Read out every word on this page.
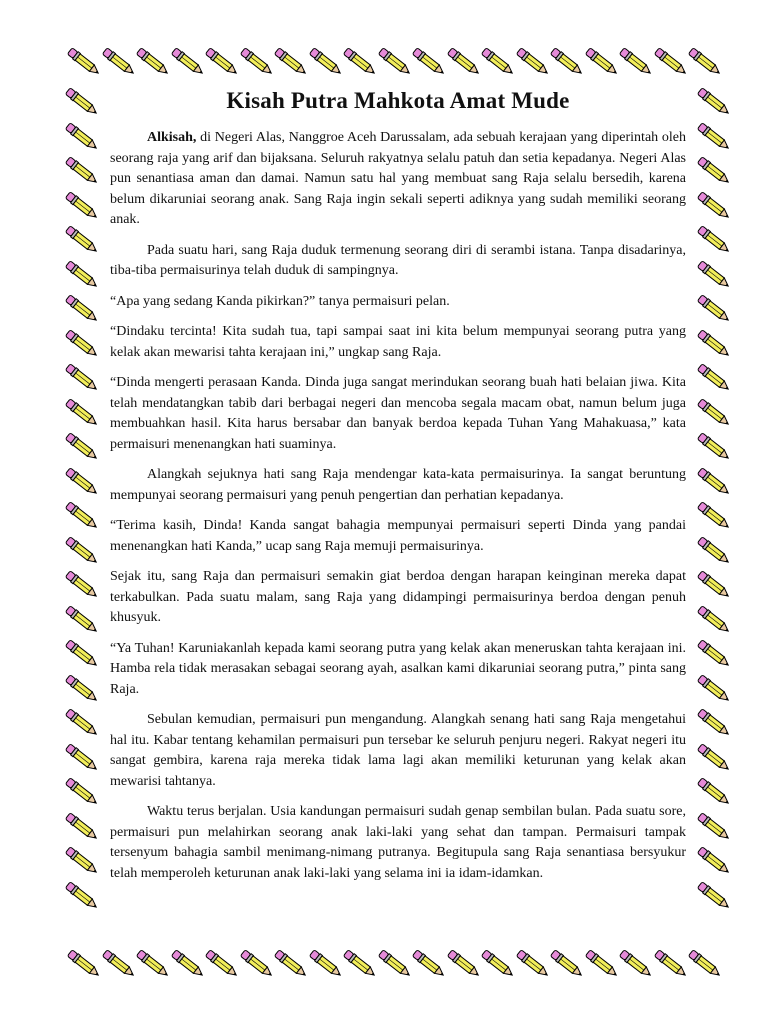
Kisah Putra Mahkota Amat Mude

Alkisah, di Negeri Alas, Nanggroe Aceh Darussalam, ada sebuah kerajaan yang diperintah oleh seorang raja yang arif dan bijaksana. Seluruh rakyatnya selalu patuh dan setia kepadanya. Negeri Alas pun senantiasa aman dan damai. Namun satu hal yang membuat sang Raja selalu bersedih, karena belum dikaruniai seorang anak. Sang Raja ingin sekali seperti adiknya yang sudah memiliki seorang anak.

Pada suatu hari, sang Raja duduk termenung seorang diri di serambi istana. Tanpa disadarinya, tiba-tiba permaisurinya telah duduk di sampingnya.

“Apa yang sedang Kanda pikirkan?” tanya permaisuri pelan.

“Dindaku tercinta! Kita sudah tua, tapi sampai saat ini kita belum mempunyai seorang putra yang kelak akan mewarisi tahta kerajaan ini,” ungkap sang Raja.

“Dinda mengerti perasaan Kanda. Dinda juga sangat merindukan seorang buah hati belaian jiwa. Kita telah mendatangkan tabib dari berbagai negeri dan mencoba segala macam obat, namun belum juga membuahkan hasil. Kita harus bersabar dan banyak berdoa kepada Tuhan Yang Mahakuasa,” kata permaisuri menenangkan hati suaminya.

Alangkah sejuknya hati sang Raja mendengar kata-kata permaisurinya. Ia sangat beruntung mempunyai seorang permaisuri yang penuh pengertian dan perhatian kepadanya.

“Terima kasih, Dinda! Kanda sangat bahagia mempunyai permaisuri seperti Dinda yang pandai menenangkan hati Kanda,” ucap sang Raja memuji permaisurinya.

Sejak itu, sang Raja dan permaisuri semakin giat berdoa dengan harapan keinginan mereka dapat terkabulkan. Pada suatu malam, sang Raja yang didampingi permaisurinya berdoa dengan penuh khusyuk.

“Ya Tuhan! Karuniakanlah kepada kami seorang putra yang kelak akan meneruskan tahta kerajaan ini. Hamba rela tidak merasakan sebagai seorang ayah, asalkan kami dikaruniai seorang putra,” pinta sang Raja.

Sebulan kemudian, permaisuri pun mengandung. Alangkah senang hati sang Raja mengetahui hal itu. Kabar tentang kehamilan permaisuri pun tersebar ke seluruh penjuru negeri. Rakyat negeri itu sangat gembira, karena raja mereka tidak lama lagi akan memiliki keturunan yang kelak akan mewarisi tahtanya.

Waktu terus berjalan. Usia kandungan permaisuri sudah genap sembilan bulan. Pada suatu sore, permaisuri pun melahirkan seorang anak laki-laki yang sehat dan tampan. Permaisuri tampak tersenyum bahagia sambil menimang-nimang putranya. Begitupula sang Raja senantiasa bersyukur telah memperoleh keturunan anak laki-laki yang selama ini ia idam-idamkan.
